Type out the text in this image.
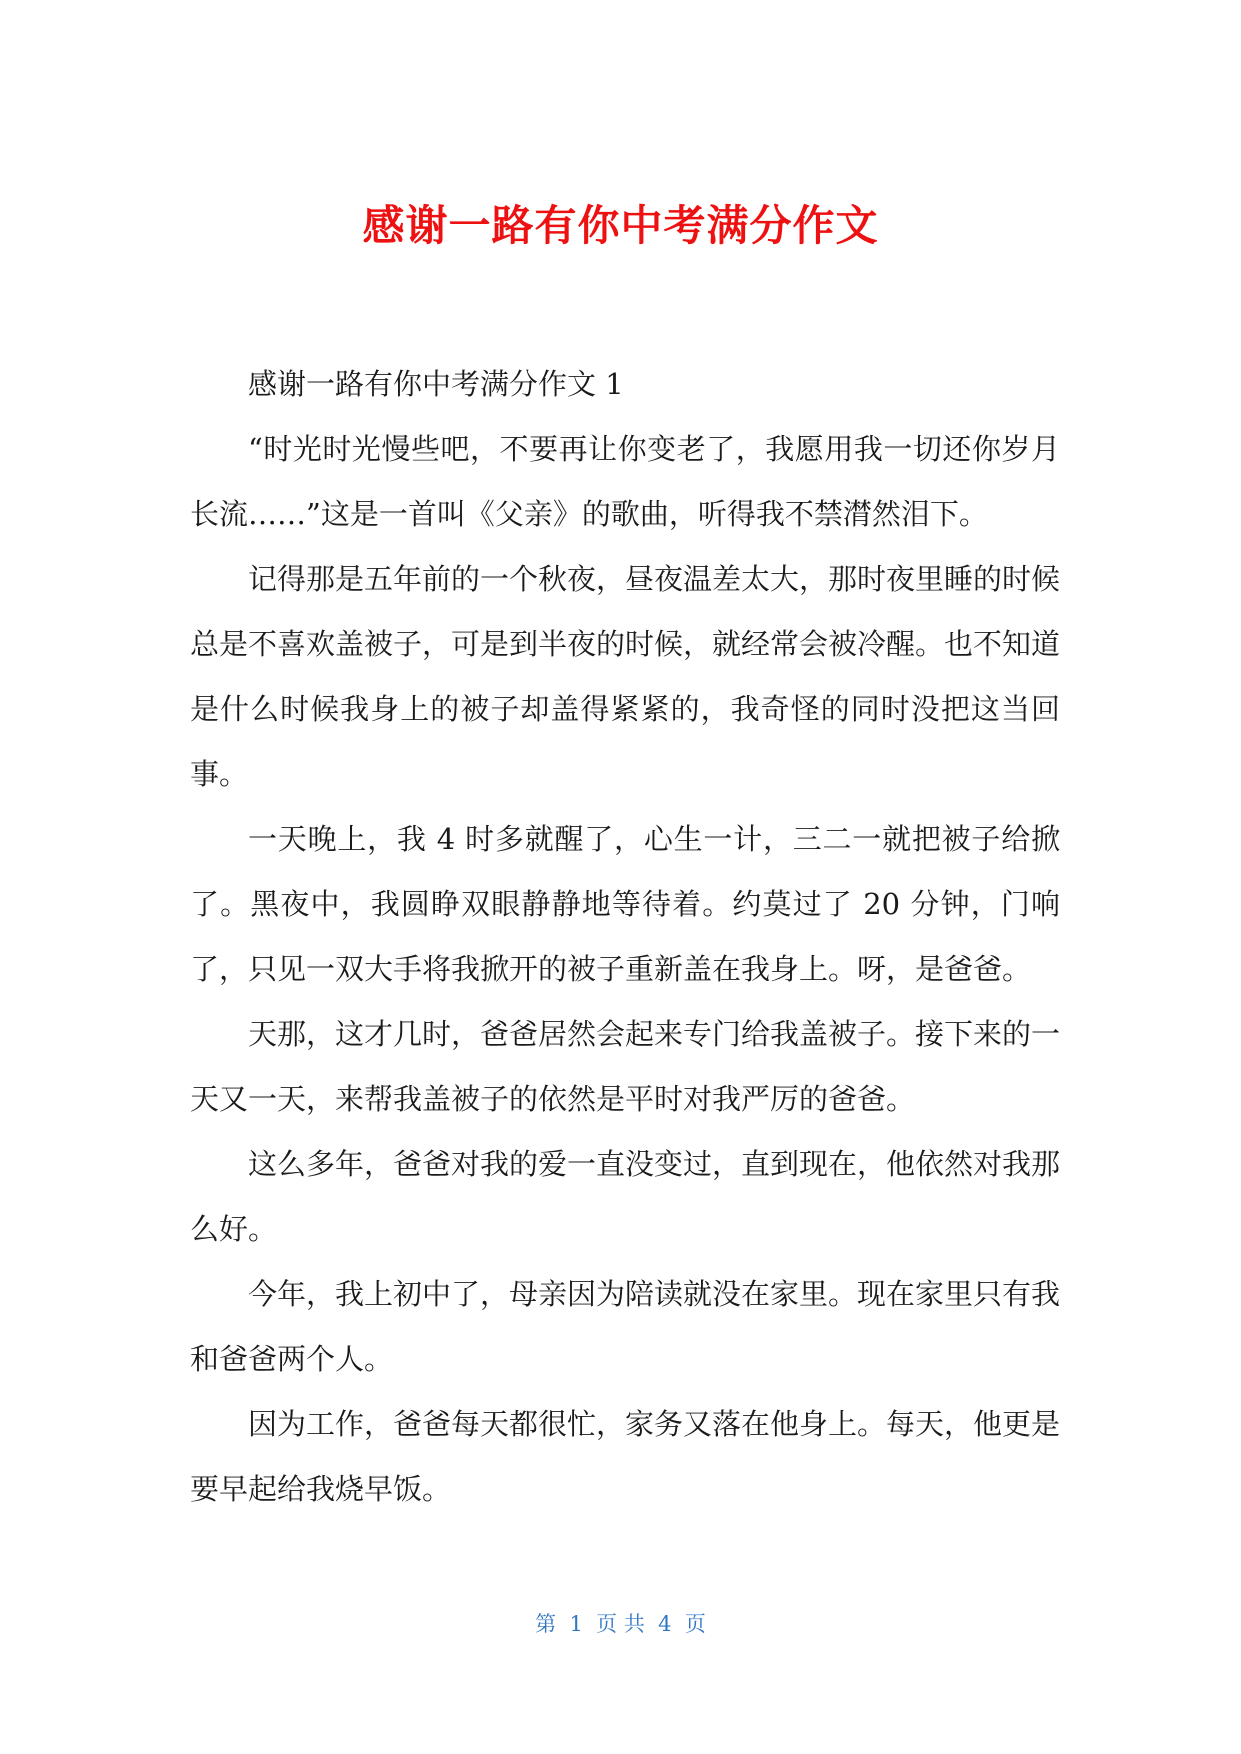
感谢一路有你中考满分作文

感谢一路有你中考满分作文 1

“时光时光慢些吧，不要再让你变老了，我愿用我一切还你岁月长流……”这是一首叫《父亲》的歌曲，听得我不禁潸然泪下。

记得那是五年前的一个秋夜，昼夜温差太大，那时夜里睡的时候总是不喜欢盖被子，可是到半夜的时候，就经常会被冷醒。也不知道是什么时候我身上的被子却盖得紧紧的，我奇怪的同时没把这当回事。

一天晚上，我 4 时多就醒了，心生一计，三二一就把被子给掀了。黑夜中，我圆睁双眼静静地等待着。约莫过了 20 分钟，门响了，只见一双大手将我掀开的被子重新盖在我身上。呀，是爸爸。

天那，这才几时，爸爸居然会起来专门给我盖被子。接下来的一天又一天，来帮我盖被子的依然是平时对我严厉的爸爸。

这么多年，爸爸对我的爱一直没变过，直到现在，他依然对我那么好。

今年，我上初中了，母亲因为陪读就没在家里。现在家里只有我和爸爸两个人。

因为工作，爸爸每天都很忙，家务又落在他身上。每天，他更是要早起给我烧早饭。

第  1  页 共  4  页
